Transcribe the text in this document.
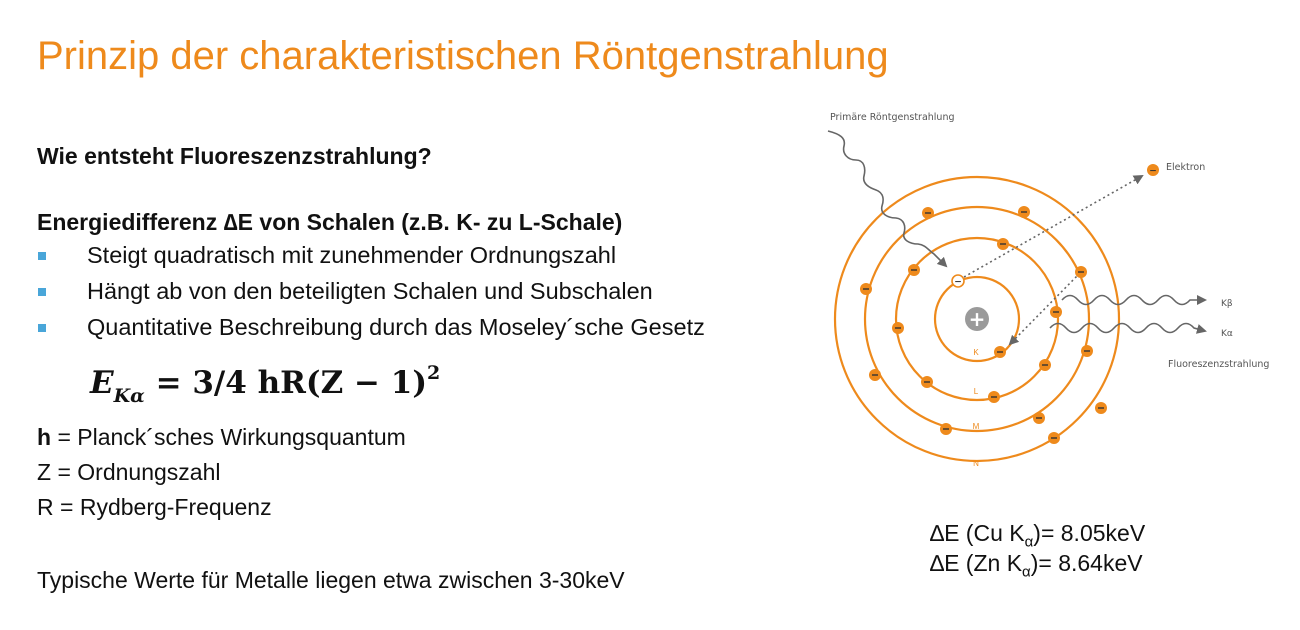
Prinzip der charakteristischen Röntgenstrahlung
Wie entsteht Fluoreszenzstrahlung?
Energiedifferenz ∆E von Schalen (z.B. K- zu L-Schale)
Steigt quadratisch mit zunehmender Ordnungszahl
Hängt ab von den beteiligten Schalen und Subschalen
Quantitative Beschreibung durch das Moseley´sche Gesetz
$E_{K\alpha} = 3/4$ $hR(Z - 1)^2$
h = Planck´sches Wirkungsquantum
Z = Ordnungszahl
R = Rydberg-Frequenz
Typische Werte für Metalle liegen etwa zwischen 3-30keV
∆E (Cu $K_\alpha)= 8.05keV$
∆E (Zn $K_\alpha)= 8.64keV$
+
K
L
M
N
Primäre Röntgenstrahlung
− Elektron
Kβ
Kα
Fluoreszenzstrahlung
−
